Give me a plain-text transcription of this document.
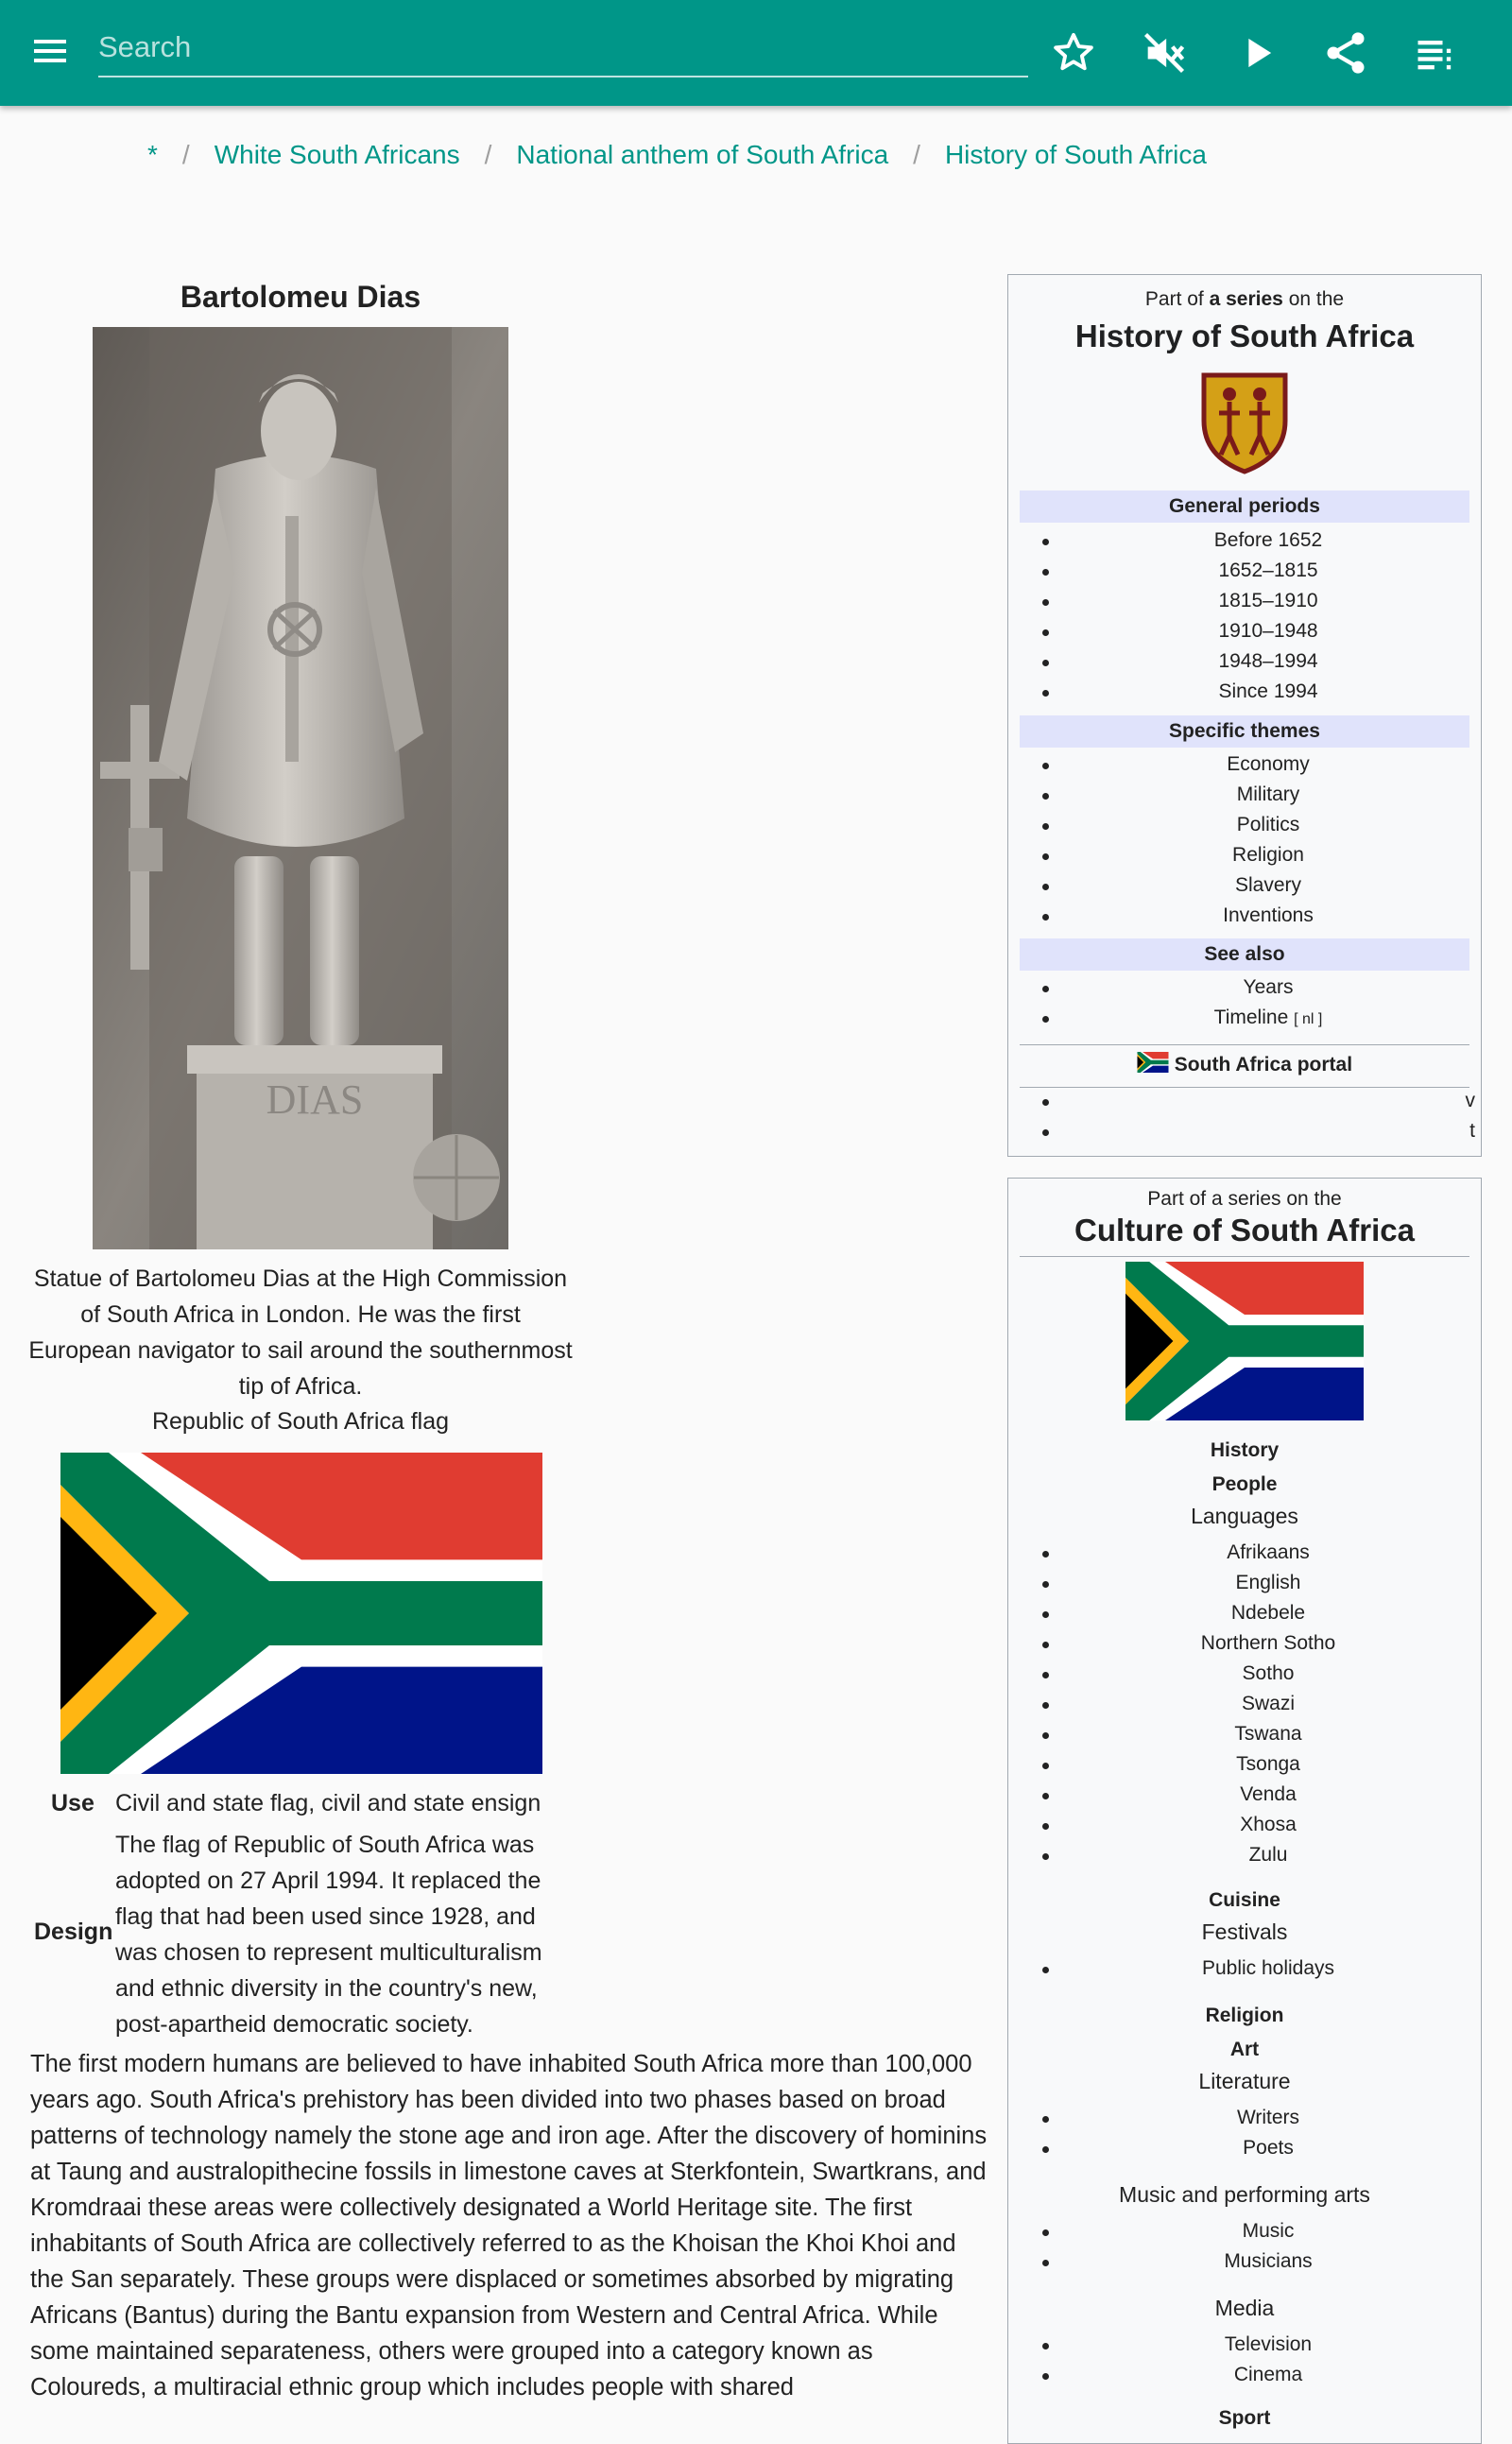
Search
* / White South Africans / National anthem of South Africa / History of South Africa
Bartolomeu Dias
DIAS
Statue of Bartolomeu Dias at the High Commission of South Africa in London. He was the first European navigator to sail around the southernmost tip of Africa.
Republic of South Africa flag
Use Civil and state flag, civil and state ensign
Design
The flag of Republic of South Africa was adopted on 27 April 1994. It replaced the flag that had been used since 1928, and was chosen to represent multiculturalism and ethnic diversity in the country's new, post-apartheid democratic society.
The first modern humans are believed to have inhabited South Africa more than 100,000 years ago. South Africa's prehistory has been divided into two phases based on broad patterns of technology namely the stone age and iron age. After the discovery of hominins at Taung and australopithecine fossils in limestone caves at Sterkfontein, Swartkrans, and Kromdraai these areas were collectively designated a World Heritage site. The first inhabitants of South Africa are collectively referred to as the Khoisan the Khoi Khoi and the San separately. These groups were displaced or sometimes absorbed by migrating Africans (Bantus) during the Bantu expansion from Western and Central Africa. While some maintained separateness, others were grouped into a category known as Coloureds, a multiracial ethnic group which includes people with shared
Part of a series on the
History of South Africa
General periods
Before 1652
1652–1815
1815–1910
1910–1948
1948–1994
Since 1994
Specific themes
Economy
Military
Politics
Religion
Slavery
Inventions
See also
Years
Timeline [ nl ]
South Africa portal
v
t
Part of a series on the
Culture of South Africa
History
People
Languages
Afrikaans
English
Ndebele
Northern Sotho
Sotho
Swazi
Tswana
Tsonga
Venda
Xhosa
Zulu
Cuisine
Festivals
Public holidays
Religion
Art
Literature
Writers
Poets
Music and performing arts
Music
Musicians
Media
Television
Cinema
Sport
